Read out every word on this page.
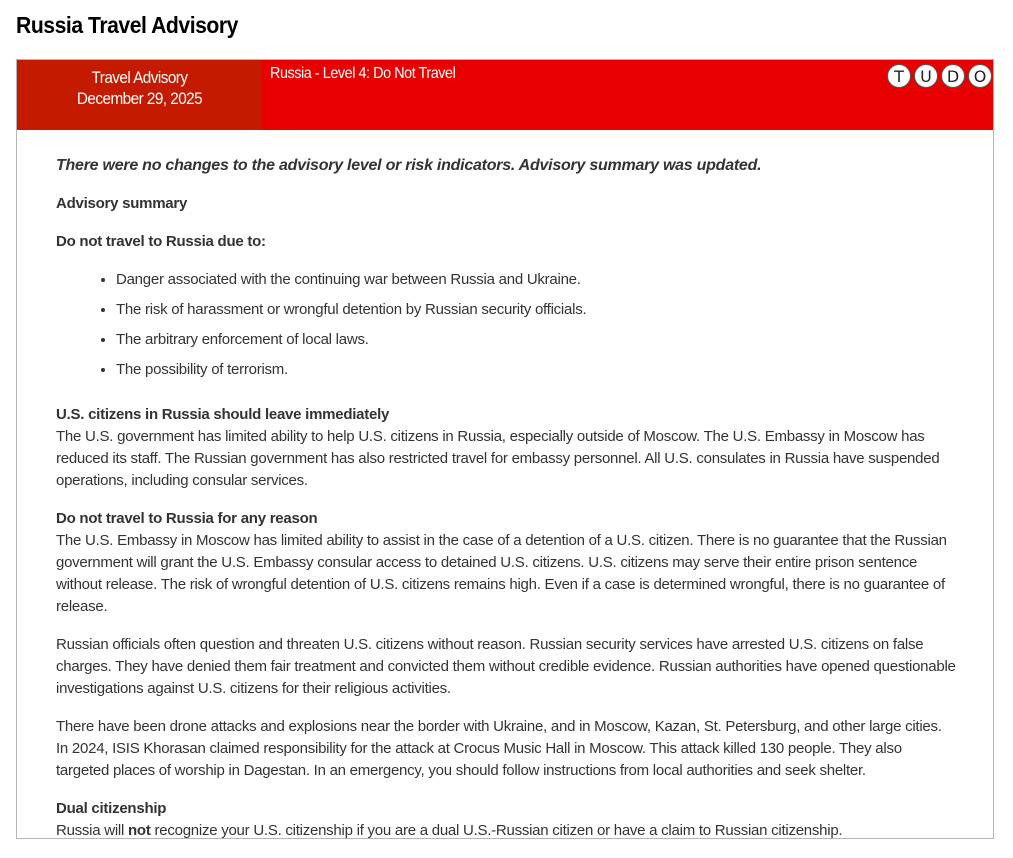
Russia Travel Advisory
Travel Advisory
December 29, 2025
Russia - Level 4: Do Not Travel	T	U D O

There were no changes to the advisory level or risk indicators. Advisory summary was updated.

Advisory summary

Do not travel to Russia due to:

• Danger associated with the continuing war between Russia and Ukraine.
• The risk of harassment or wrongful detention by Russian security officials.
• The arbitrary enforcement of local laws.
• The possibility of terrorism.

U.S. citizens in Russia should leave immediately

The U.S. government has limited ability to help U.S. citizens in Russia, especially outside of Moscow. The U.S. Embassy in Moscow has reduced its staff. The Russian government has also restricted travel for embassy personnel. All U.S. consulates in Russia have suspended operations, including consular services.

Do not travel to Russia for any reason

The U.S. Embassy in Moscow has limited ability to assist in the case of a detention of a U.S. citizen. There is no guarantee that the Russian government will grant the U.S. Embassy consular access to detained U.S. citizens. U.S. citizens may serve their entire prison sentence without release. The risk of wrongful detention of U.S. citizens remains high. Even if a case is determined wrongful, there is no guarantee of release.

Russian officials often question and threaten U.S. citizens without reason. Russian security services have arrested U.S. citizens on false charges. They have denied them fair treatment and convicted them without credible evidence. Russian authorities have opened questionable investigations against U.S. citizens for their religious activities.

There have been drone attacks and explosions near the border with Ukraine, and in Moscow, Kazan, St. Petersburg, and other large cities. In 2024, ISIS Khorasan claimed responsibility for the attack at Crocus Music Hall in Moscow. This attack killed 130 people. They also targeted places of worship in Dagestan. In an emergency, you should follow instructions from local authorities and seek shelter.

Dual citizenship

Russia will not recognize your U.S. citizenship if you are a dual U.S.-Russian citizen or have a claim to Russian citizenship.
